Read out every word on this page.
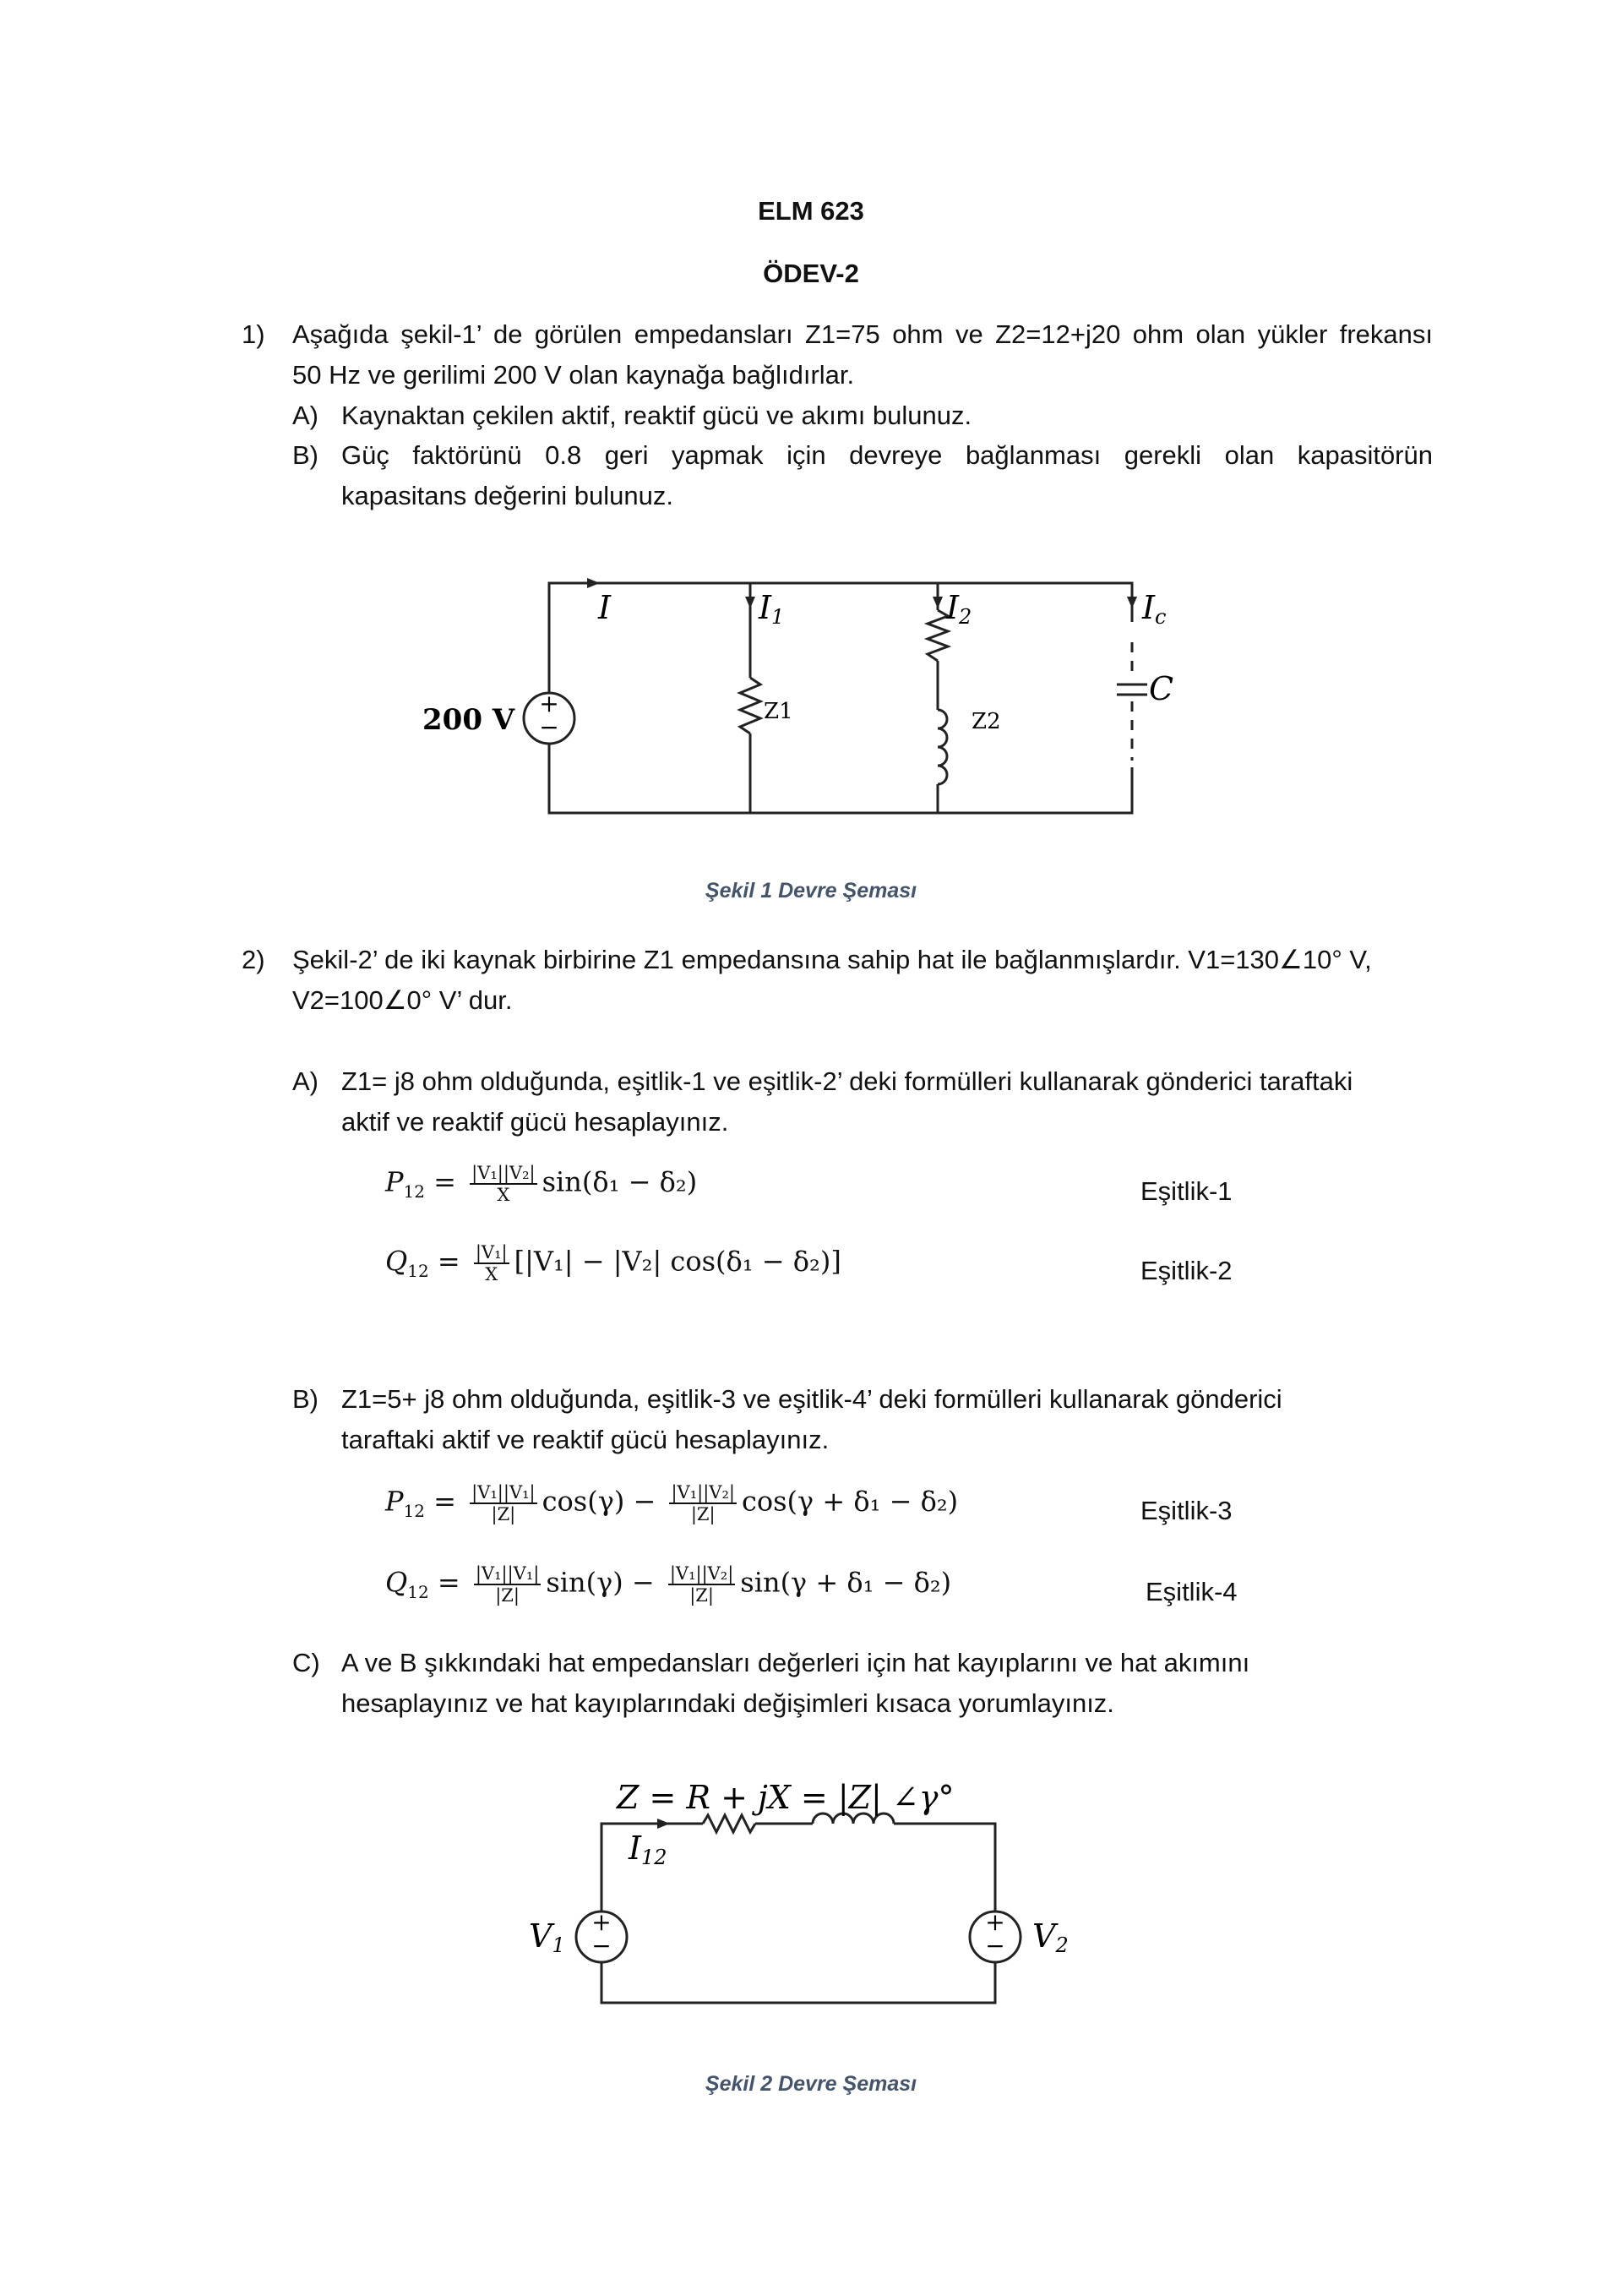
ELM 623
ÖDEV-2
1) Aşağıda şekil-1’ de görülen empedansları Z1=75 ohm ve Z2=12+j20 ohm olan yükler frekansı
50 Hz ve gerilimi 200 V olan kaynağa bağlıdırlar.
A) Kaynaktan çekilen aktif, reaktif gücü ve akımı bulunuz.
B) Güç faktörünü 0.8 geri yapmak için devreye bağlanması gerekli olan kapasitörün
kapasitans değerini bulunuz.
+
−
200 V
I	I1	I2	Ic
Z1	Z2
C
Şekil 1 Devre Şeması
2) Şekil-2’ de iki kaynak birbirine Z1 empedansına sahip hat ile bağlanmışlardır. V1=130∠10° V,
V2=100∠0° V’ dur.
A) Z1= j8 ohm olduğunda, eşitlik-1 ve eşitlik-2’ deki formülleri kullanarak gönderici taraftaki
aktif ve reaktif gücü hesaplayınız.
$P_{12} = \frac{\text{|V₁||V₂|}}{X} \sin(\delta_1 - \delta_2)$	Eşitlik-1
$Q_{12} = \frac{\text{|V₁|}}{X} [|V_1| - |V_2|$ cos(δ₁ − δ₂)]	Eşitlik-2
B) Z1=5+ j8 ohm olduğunda, eşitlik-3 ve eşitlik-4’ deki formülleri kullanarak gönderici
taraftaki aktif ve reaktif gücü hesaplayınız.
$P_{12} = \frac{\text{|V₁||V₁|}}{|Z|} \cos(\gamma) - \frac{\text{|V₁||V₂|}}{|Z|} \cos(\gamma + \delta_1 - \delta_2)$	Eşitlik-3
$Q_{12} = \frac{\text{|V₁||V₁|}}{|Z|} \sin(\gamma) - \frac{\text{|V₁||V₂|}}{|Z|} \sin(\gamma + \delta_1 - \delta_2)$	Eşitlik-4
C) A ve B şıkkındaki hat empedansları değerleri için hat kayıplarını ve hat akımını
hesaplayınız ve hat kayıplarındaki değişimleri kısaca yorumlayınız.
Z = R + jX = |Z| ∠γ°
I12
+
−
+
−
V1	V2
Şekil 2 Devre Şeması
